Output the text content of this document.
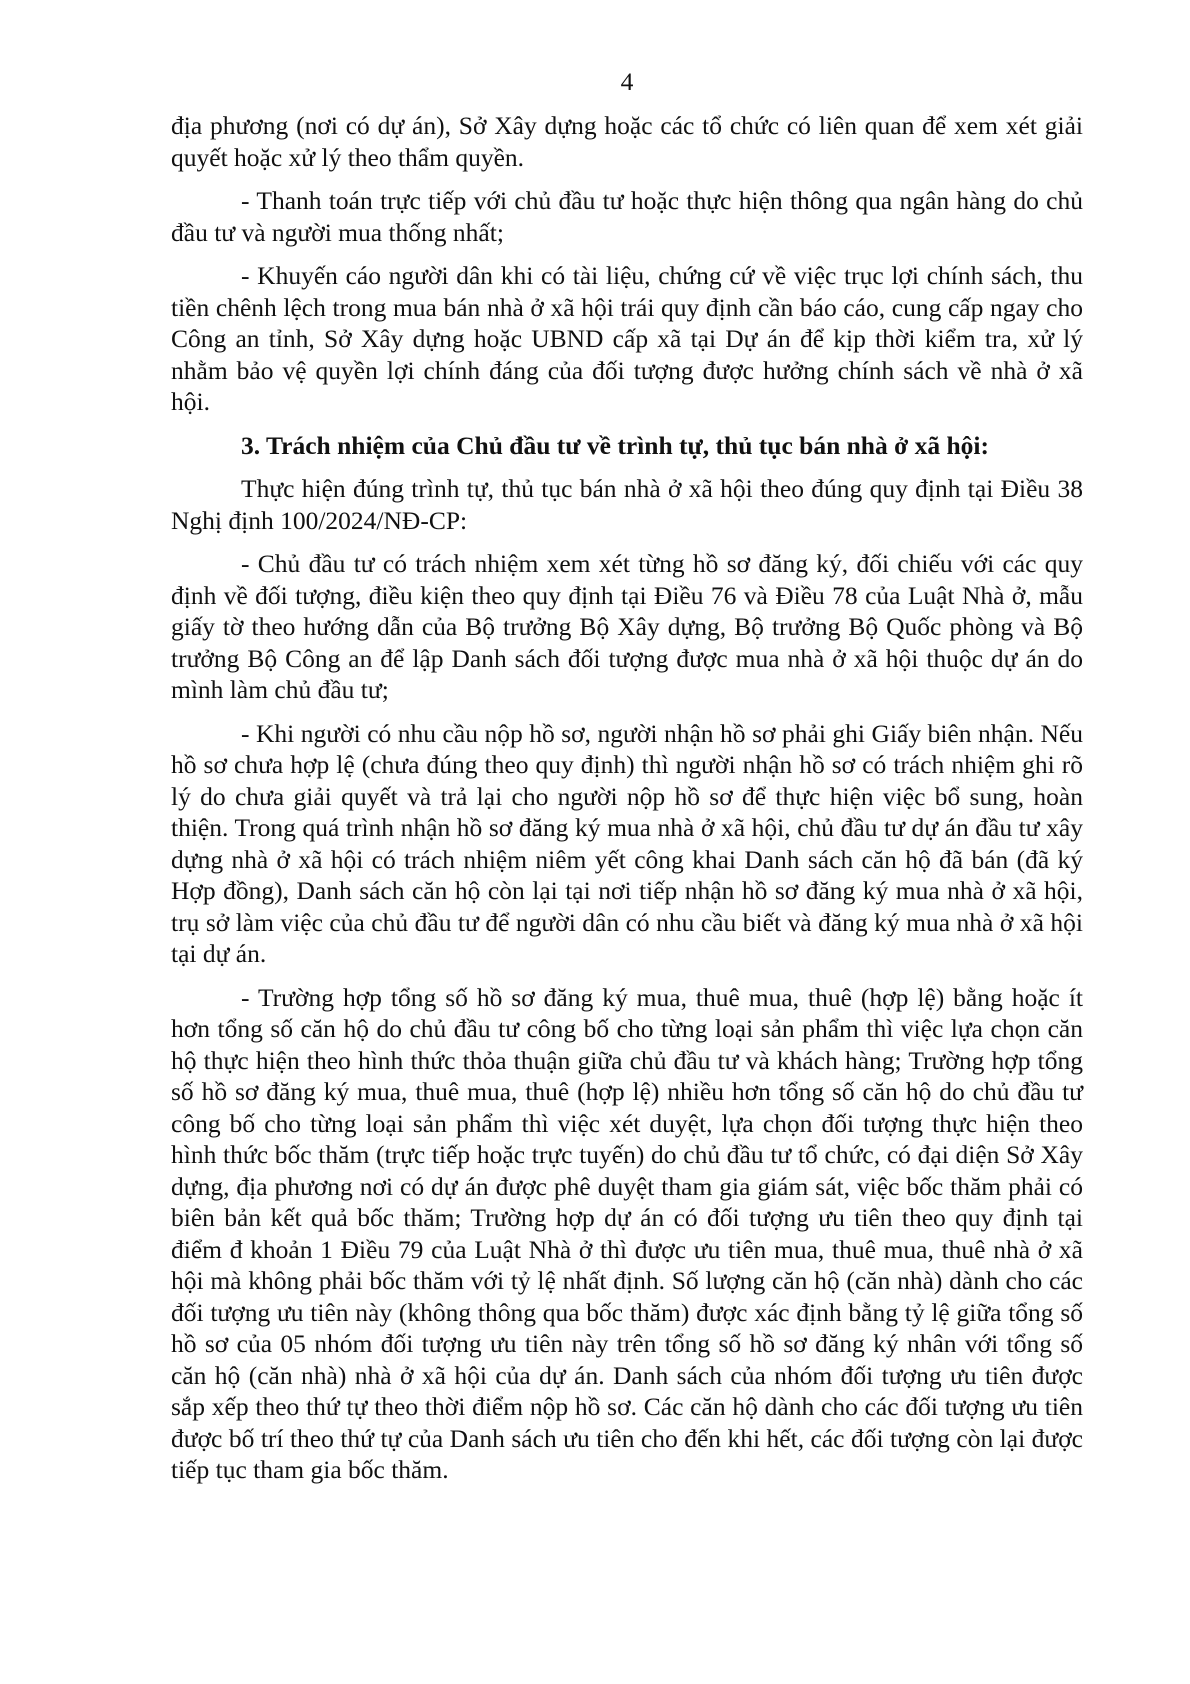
4

địa phương (nơi có dự án), Sở Xây dựng hoặc các tổ chức có liên quan để xem xét giải quyết hoặc xử lý theo thẩm quyền.

- Thanh toán trực tiếp với chủ đầu tư hoặc thực hiện thông qua ngân hàng do chủ đầu tư và người mua thống nhất;

- Khuyến cáo người dân khi có tài liệu, chứng cứ về việc trục lợi chính sách, thu tiền chênh lệch trong mua bán nhà ở xã hội trái quy định cần báo cáo, cung cấp ngay cho Công an tỉnh, Sở Xây dựng hoặc UBND cấp xã tại Dự án để kịp thời kiểm tra, xử lý nhằm bảo vệ quyền lợi chính đáng của đối tượng được hưởng chính sách về nhà ở xã hội.

3. Trách nhiệm của Chủ đầu tư về trình tự, thủ tục bán nhà ở xã hội:

Thực hiện đúng trình tự, thủ tục bán nhà ở xã hội theo đúng quy định tại Điều 38 Nghị định 100/2024/NĐ-CP:

- Chủ đầu tư có trách nhiệm xem xét từng hồ sơ đăng ký, đối chiếu với các quy định về đối tượng, điều kiện theo quy định tại Điều 76 và Điều 78 của Luật Nhà ở, mẫu giấy tờ theo hướng dẫn của Bộ trưởng Bộ Xây dựng, Bộ trưởng Bộ Quốc phòng và Bộ trưởng Bộ Công an để lập Danh sách đối tượng được mua nhà ở xã hội thuộc dự án do mình làm chủ đầu tư;

- Khi người có nhu cầu nộp hồ sơ, người nhận hồ sơ phải ghi Giấy biên nhận. Nếu hồ sơ chưa hợp lệ (chưa đúng theo quy định) thì người nhận hồ sơ có trách nhiệm ghi rõ lý do chưa giải quyết và trả lại cho người nộp hồ sơ để thực hiện việc bổ sung, hoàn thiện. Trong quá trình nhận hồ sơ đăng ký mua nhà ở xã hội, chủ đầu tư dự án đầu tư xây dựng nhà ở xã hội có trách nhiệm niêm yết công khai Danh sách căn hộ đã bán (đã ký Hợp đồng), Danh sách căn hộ còn lại tại nơi tiếp nhận hồ sơ đăng ký mua nhà ở xã hội, trụ sở làm việc của chủ đầu tư để người dân có nhu cầu biết và đăng ký mua nhà ở xã hội tại dự án.

- Trường hợp tổng số hồ sơ đăng ký mua, thuê mua, thuê (hợp lệ) bằng hoặc ít hơn tổng số căn hộ do chủ đầu tư công bố cho từng loại sản phẩm thì việc lựa chọn căn hộ thực hiện theo hình thức thỏa thuận giữa chủ đầu tư và khách hàng; Trường hợp tổng số hồ sơ đăng ký mua, thuê mua, thuê (hợp lệ) nhiều hơn tổng số căn hộ do chủ đầu tư công bố cho từng loại sản phẩm thì việc xét duyệt, lựa chọn đối tượng thực hiện theo hình thức bốc thăm (trực tiếp hoặc trực tuyến) do chủ đầu tư tổ chức, có đại diện Sở Xây dựng, địa phương nơi có dự án được phê duyệt tham gia giám sát, việc bốc thăm phải có biên bản kết quả bốc thăm; Trường hợp dự án có đối tượng ưu tiên theo quy định tại điểm đ khoản 1 Điều 79 của Luật Nhà ở thì được ưu tiên mua, thuê mua, thuê nhà ở xã hội mà không phải bốc thăm với tỷ lệ nhất định. Số lượng căn hộ (căn nhà) dành cho các đối tượng ưu tiên này (không thông qua bốc thăm) được xác định bằng tỷ lệ giữa tổng số hồ sơ của 05 nhóm đối tượng ưu tiên này trên tổng số hồ sơ đăng ký nhân với tổng số căn hộ (căn nhà) nhà ở xã hội của dự án. Danh sách của nhóm đối tượng ưu tiên được sắp xếp theo thứ tự theo thời điểm nộp hồ sơ. Các căn hộ dành cho các đối tượng ưu tiên được bố trí theo thứ tự của Danh sách ưu tiên cho đến khi hết, các đối tượng còn lại được tiếp tục tham gia bốc thăm.
